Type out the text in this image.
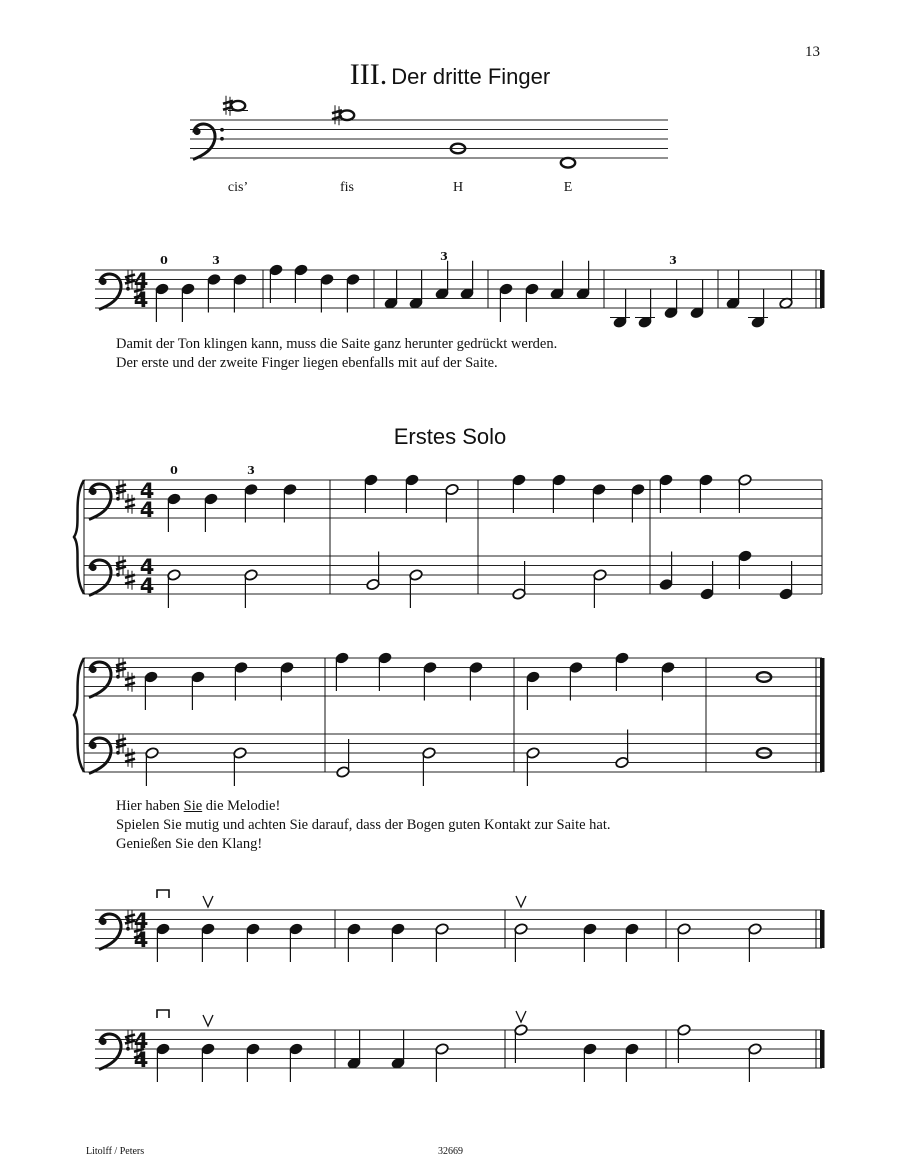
13
III. Der dritte Finger
cis’	fis	H	E
Damit der Ton klingen kann, muss die Saite ganz herunter gedrückt werden.
Der erste und der zweite Finger liegen ebenfalls mit auf der Saite.
Erstes Solo
Hier haben Sie die Melodie!
Spielen Sie mutig und achten Sie darauf, dass der Bogen guten Kontakt zur Saite hat.
Genießen Sie den Klang!
Litolff / Peters	32669
4
4
0	3	3	3
4
4
4
4
0	3
4
4
4
4
